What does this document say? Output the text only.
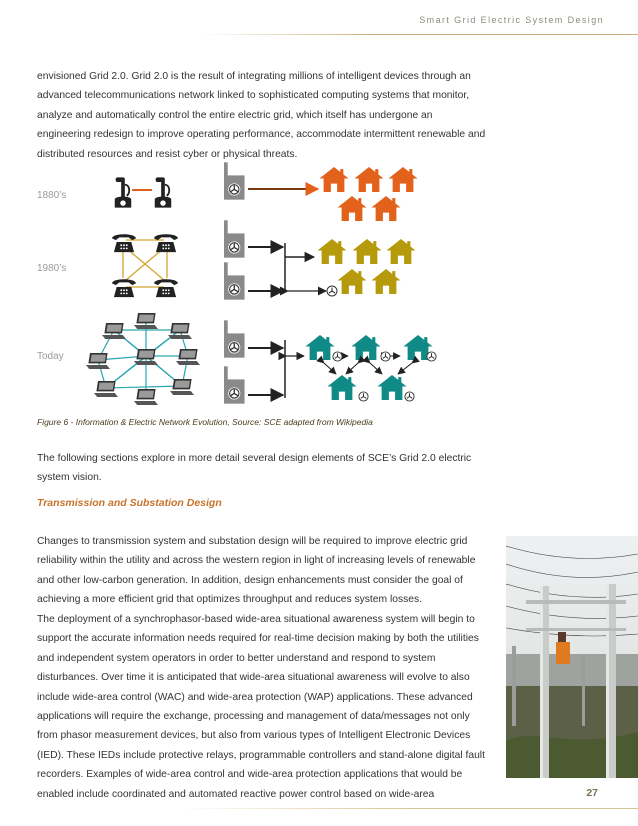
Smart Grid Electric System Design

envisioned Grid 2.0. Grid 2.0 is the result of integrating millions of intelligent devices through an advanced telecommunications network linked to sophisticated computing systems that monitor, analyze and automatically control the entire electric grid, which itself has undergone an engineering redesign to improve operating performance, accommodate intermittent renewable and distributed resources and resist cyber or physical threats.

1880’s
1980’s
Today
Figure 6 - Information & Electric Network Evolution, Source: SCE adapted from Wikipedia

The following sections explore in more detail several design elements of SCE’s Grid 2.0 electric system vision.

Transmission and Substation Design

Changes to transmission system and substation design will be required to improve electric grid reliability within the utility and across the western region in light of increasing levels of renewable and other low-carbon generation. In addition, design enhancements must consider the goal of achieving a more efficient grid that optimizes throughput and reduces system losses.

The deployment of a synchrophasor-based wide-area situational awareness system will begin to support the accurate information needs required for real-time decision making by both the utilities and independent system operators in order to better understand and respond to system disturbances. Over time it is anticipated that wide-area situational awareness will evolve to also include wide-area control (WAC) and wide-area protection (WAP) applications. These advanced applications will require the exchange, processing and management of data/messages not only from phasor measurement devices, but also from various types of Intelligent Electronic Devices (IED). These IEDs include protective relays, programmable controllers and stand-alone digital fault recorders. Examples of wide-area control and wide-area protection applications that would be enabled include coordinated and automated reactive power control based on wide-area	27
